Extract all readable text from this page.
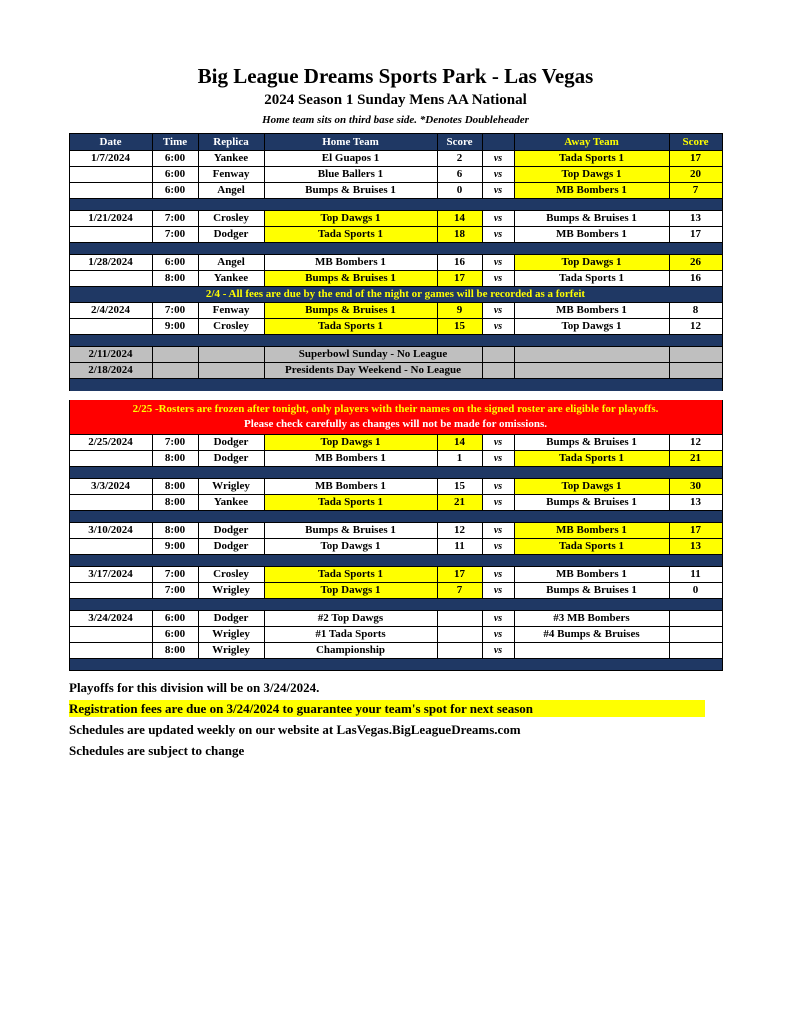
Big League Dreams Sports Park - Las Vegas
2024 Season 1 Sunday Mens AA National
Home team sits on third base side. *Denotes Doubleheader
Date	Time	Replica	Home Team	Score		Away Team	Score
1/7/2024	6:00	Yankee	El Guapos 1	2	vs	Tada Sports 1	17
	6:00	Fenway	Blue Ballers 1	6	vs	Top Dawgs 1	20
	6:00	Angel	Bumps & Bruises 1	0	vs	MB Bombers 1	7

1/21/2024	7:00	Crosley	Top Dawgs 1	14	vs	Bumps & Bruises 1	13
	7:00	Dodger	Tada Sports 1	18	vs	MB Bombers 1	17

1/28/2024	6:00	Angel	MB Bombers 1	16	vs	Top Dawgs 1	26
	8:00	Yankee	Bumps & Bruises 1	17	vs	Tada Sports 1	16
2/4 - All fees are due by the end of the night or games will be recorded as a forfeit							
2/4/2024	7:00	Fenway	Bumps & Bruises 1	9	vs	MB Bombers 1	8
	9:00	Crosley	Tada Sports 1	15	vs	Top Dawgs 1	12

2/11/2024			Superbowl Sunday - No League				
2/18/2024			Presidents Day Weekend - No League				

2/25 -Rosters are frozen after tonight, only players with their names on the signed roster are eligible for playoffs.
Please check carefully as changes will not be made for omissions.							

2/25/2024	7:00	Dodger	Top Dawgs 1	14	vs	Bumps & Bruises 1	12
	8:00	Dodger	MB Bombers 1	1	vs	Tada Sports 1	21

3/3/2024	8:00	Wrigley	MB Bombers 1	15	vs	Top Dawgs 1	30
	8:00	Yankee	Tada Sports 1	21	vs	Bumps & Bruises 1	13

3/10/2024	8:00	Dodger	Bumps & Bruises 1	12	vs	MB Bombers 1	17
	9:00	Dodger	Top Dawgs 1	11	vs	Tada Sports 1	13

3/17/2024	7:00	Crosley	Tada Sports 1	17	vs	MB Bombers 1	11
	7:00	Wrigley	Top Dawgs 1	7	vs	Bumps & Bruises 1	0

3/24/2024	6:00	Dodger	#2 Top Dawgs		vs	#3 MB Bombers	
	6:00	Wrigley	#1 Tada Sports		vs	#4 Bumps & Bruises	
	8:00	Wrigley	Championship		vs		

Playoffs for this division will be on 3/24/2024.
Registration fees are due on 3/24/2024 to guarantee your team's spot for next season
Schedules are updated weekly on our website at LasVegas.BigLeagueDreams.com
Schedules are subject to change
